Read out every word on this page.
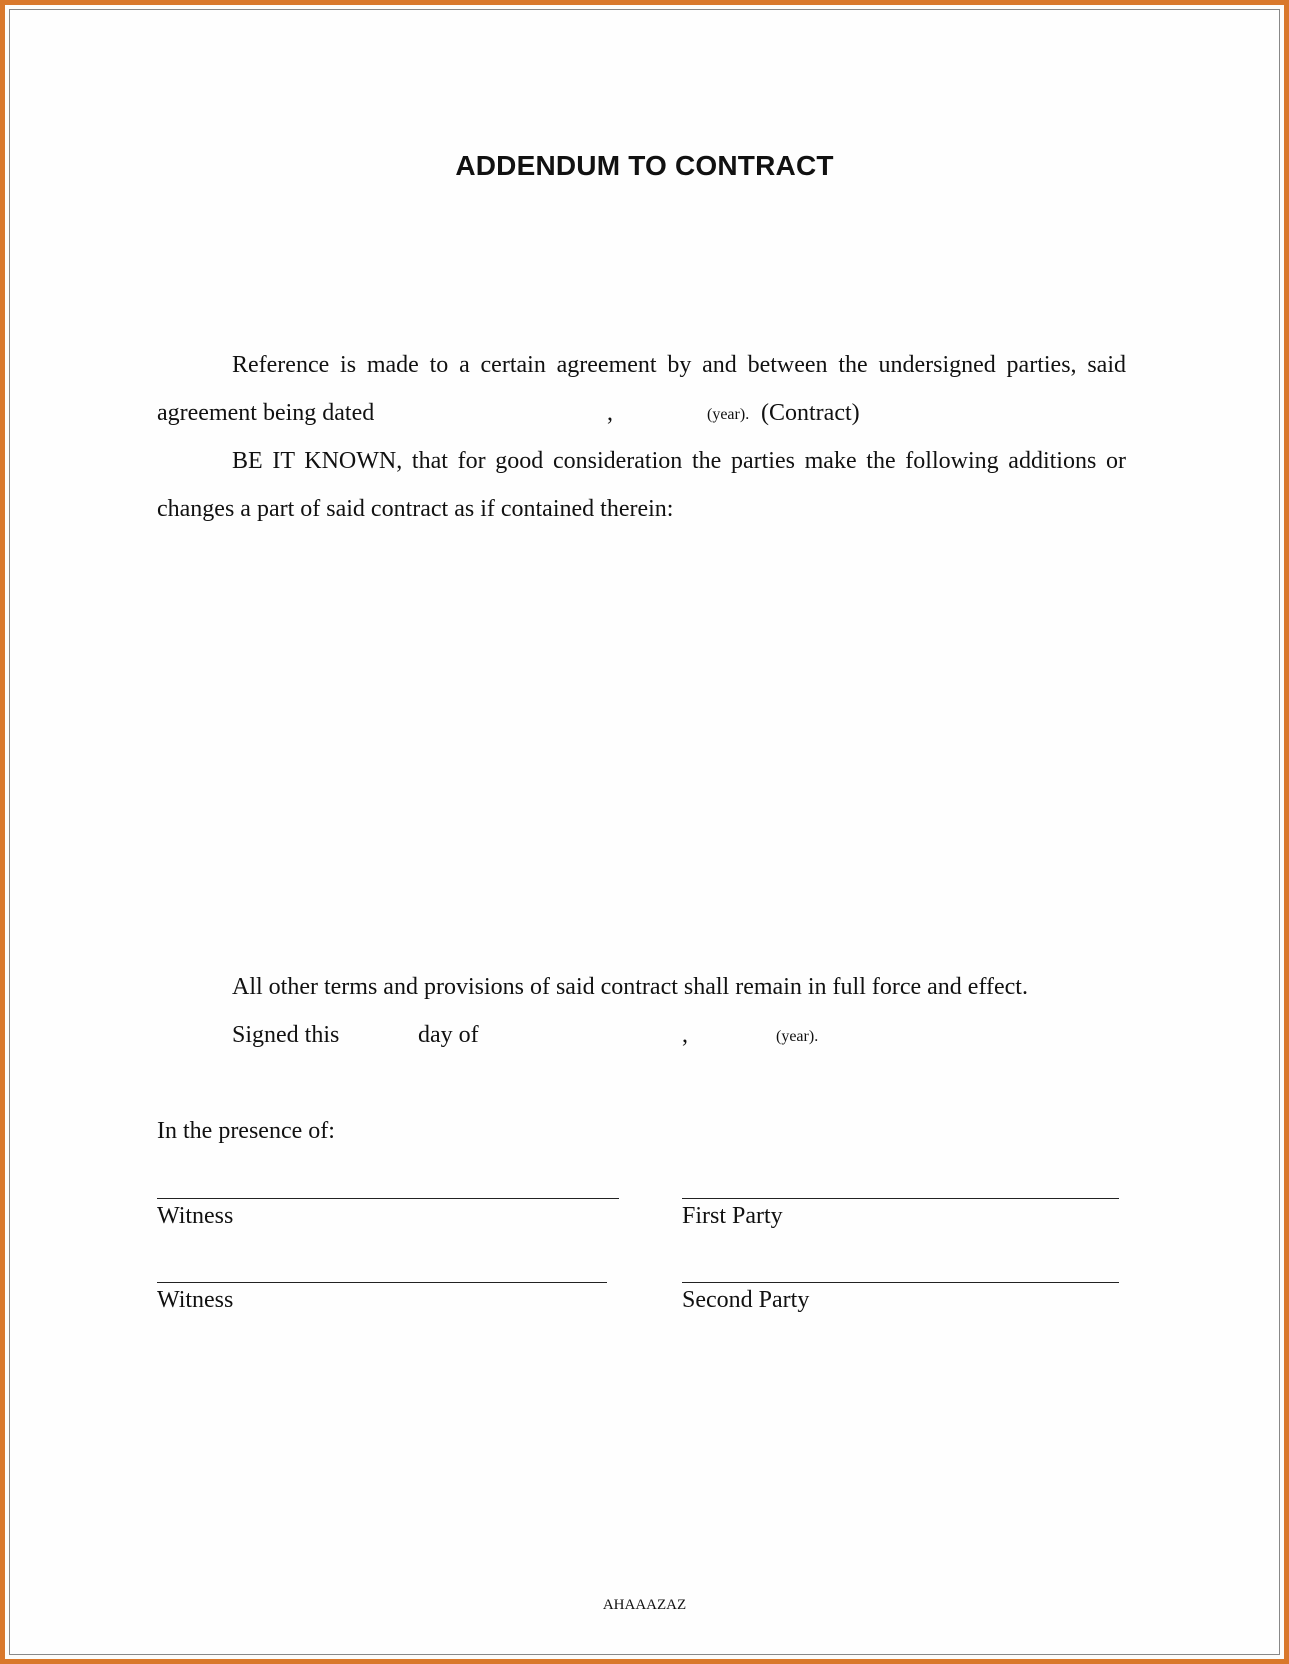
ADDENDUM TO CONTRACT
Reference is made to a certain agreement by and between the undersigned parties, said
agreement being dated	,	(year). (Contract)
BE IT KNOWN, that for good consideration the parties make the following additions or
changes a part of said contract as if contained therein:
All other terms and provisions of said contract shall remain in full force and effect.
Signed this	day of	,	(year).
In the presence of:
Witness	First Party
Witness	Second Party
AHAAAZAZ
